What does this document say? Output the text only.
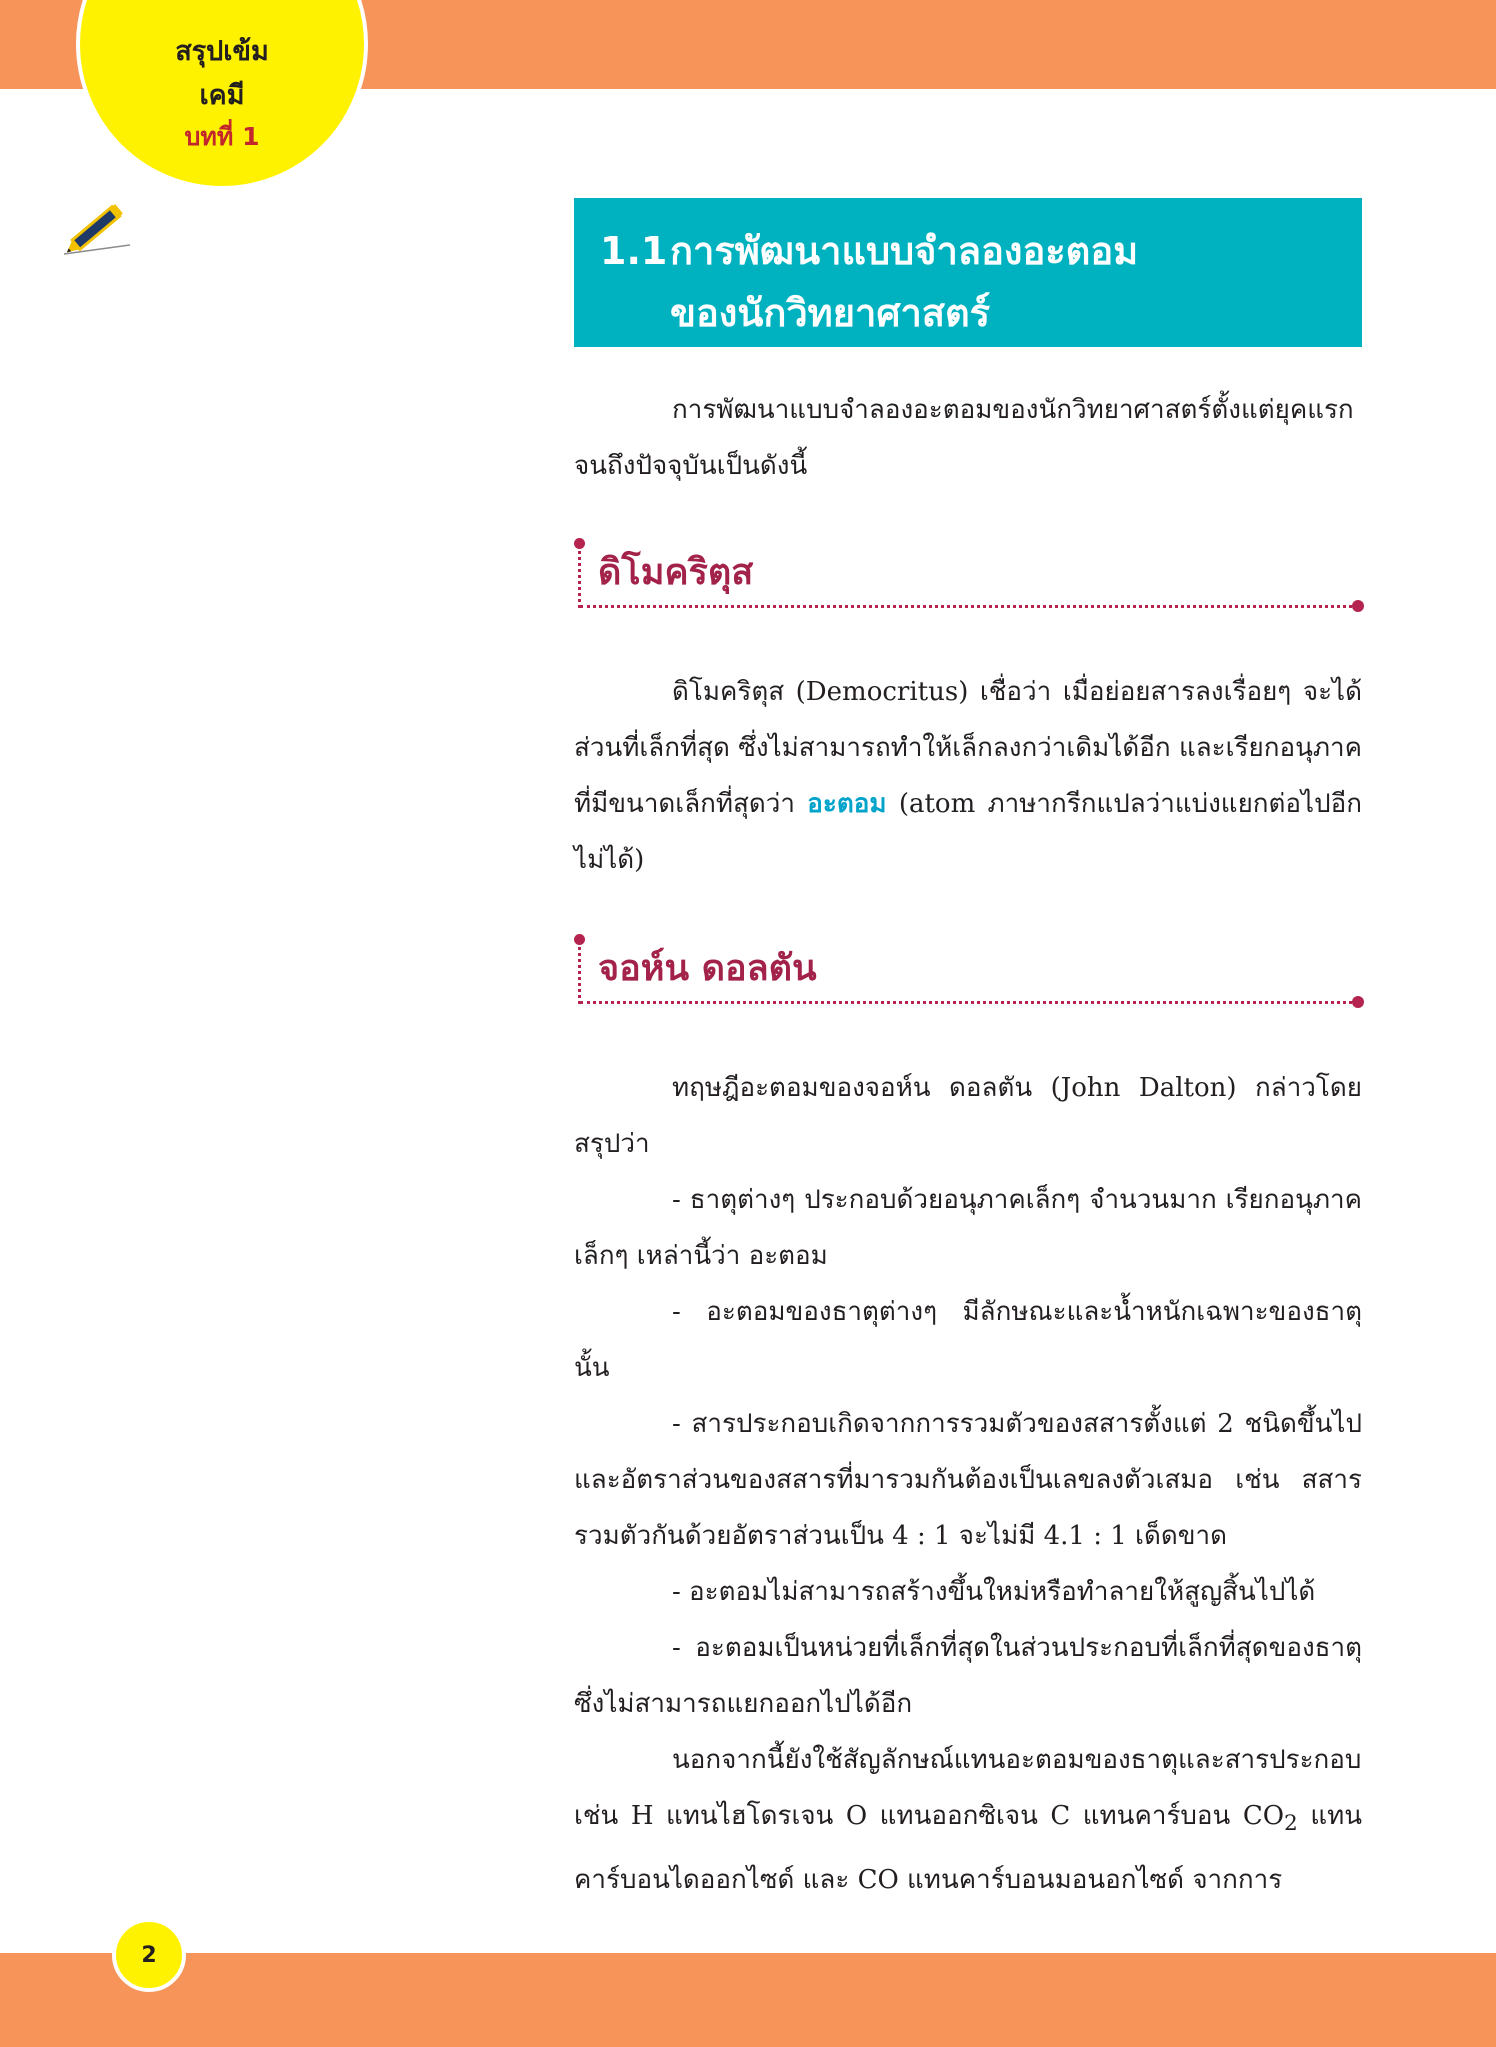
สรุปเข้ม
เคมี
บทที่ 1
1.1 การพัฒนาแบบจำลองอะตอม
ของนักวิทยาศาสตร์

การพัฒนาแบบจำลองอะตอมของนักวิทยาศาสตร์ตั้งแต่ยุคแรกจนถึงปัจจุบันเป็นดังนี้

ดิโมคริตุส

ดิโมคริตุส (Democritus) เชื่อว่า เมื่อย่อยสารลงเรื่อยๆ จะได้ส่วนที่เล็กที่สุด ซึ่งไม่สามารถทำให้เล็กลงกว่าเดิมได้อีก และเรียกอนุภาคที่มีขนาดเล็กที่สุดว่า อะตอม (atom ภาษากรีกแปลว่าแบ่งแยกต่อไปอีกไม่ได้)

จอห์น ดอลตัน

ทฤษฎีอะตอมของจอห์น ดอลตัน (John Dalton) กล่าวโดยสรุปว่า

- ธาตุต่างๆ ประกอบด้วยอนุภาคเล็กๆ จำนวนมาก เรียกอนุภาคเล็กๆ เหล่านี้ว่า อะตอม

- อะตอมของธาตุต่างๆ มีลักษณะและน้ำหนักเฉพาะของธาตุนั้น

- สารประกอบเกิดจากการรวมตัวของสสารตั้งแต่ 2 ชนิดขึ้นไป และอัตราส่วนของสสารที่มารวมกันต้องเป็นเลขลงตัวเสมอ เช่น สสารรวมตัวกันด้วยอัตราส่วนเป็น 4 : 1 จะไม่มี 4.1 : 1 เด็ดขาด

- อะตอมไม่สามารถสร้างขึ้นใหม่หรือทำลายให้สูญสิ้นไปได้

- อะตอมเป็นหน่วยที่เล็กที่สุดในส่วนประกอบที่เล็กที่สุดของธาตุ ซึ่งไม่สามารถแยกออกไปได้อีก

นอกจากนี้ยังใช้สัญลักษณ์แทนอะตอมของธาตุและสารประกอบ เช่น H แทนไฮโดรเจน O แทนออกซิเจน C แทนคาร์บอน $CO_2$ แทนคาร์บอนไดออกไซด์ และ CO แทนคาร์บอนมอนอกไซด์ จากการ

2
